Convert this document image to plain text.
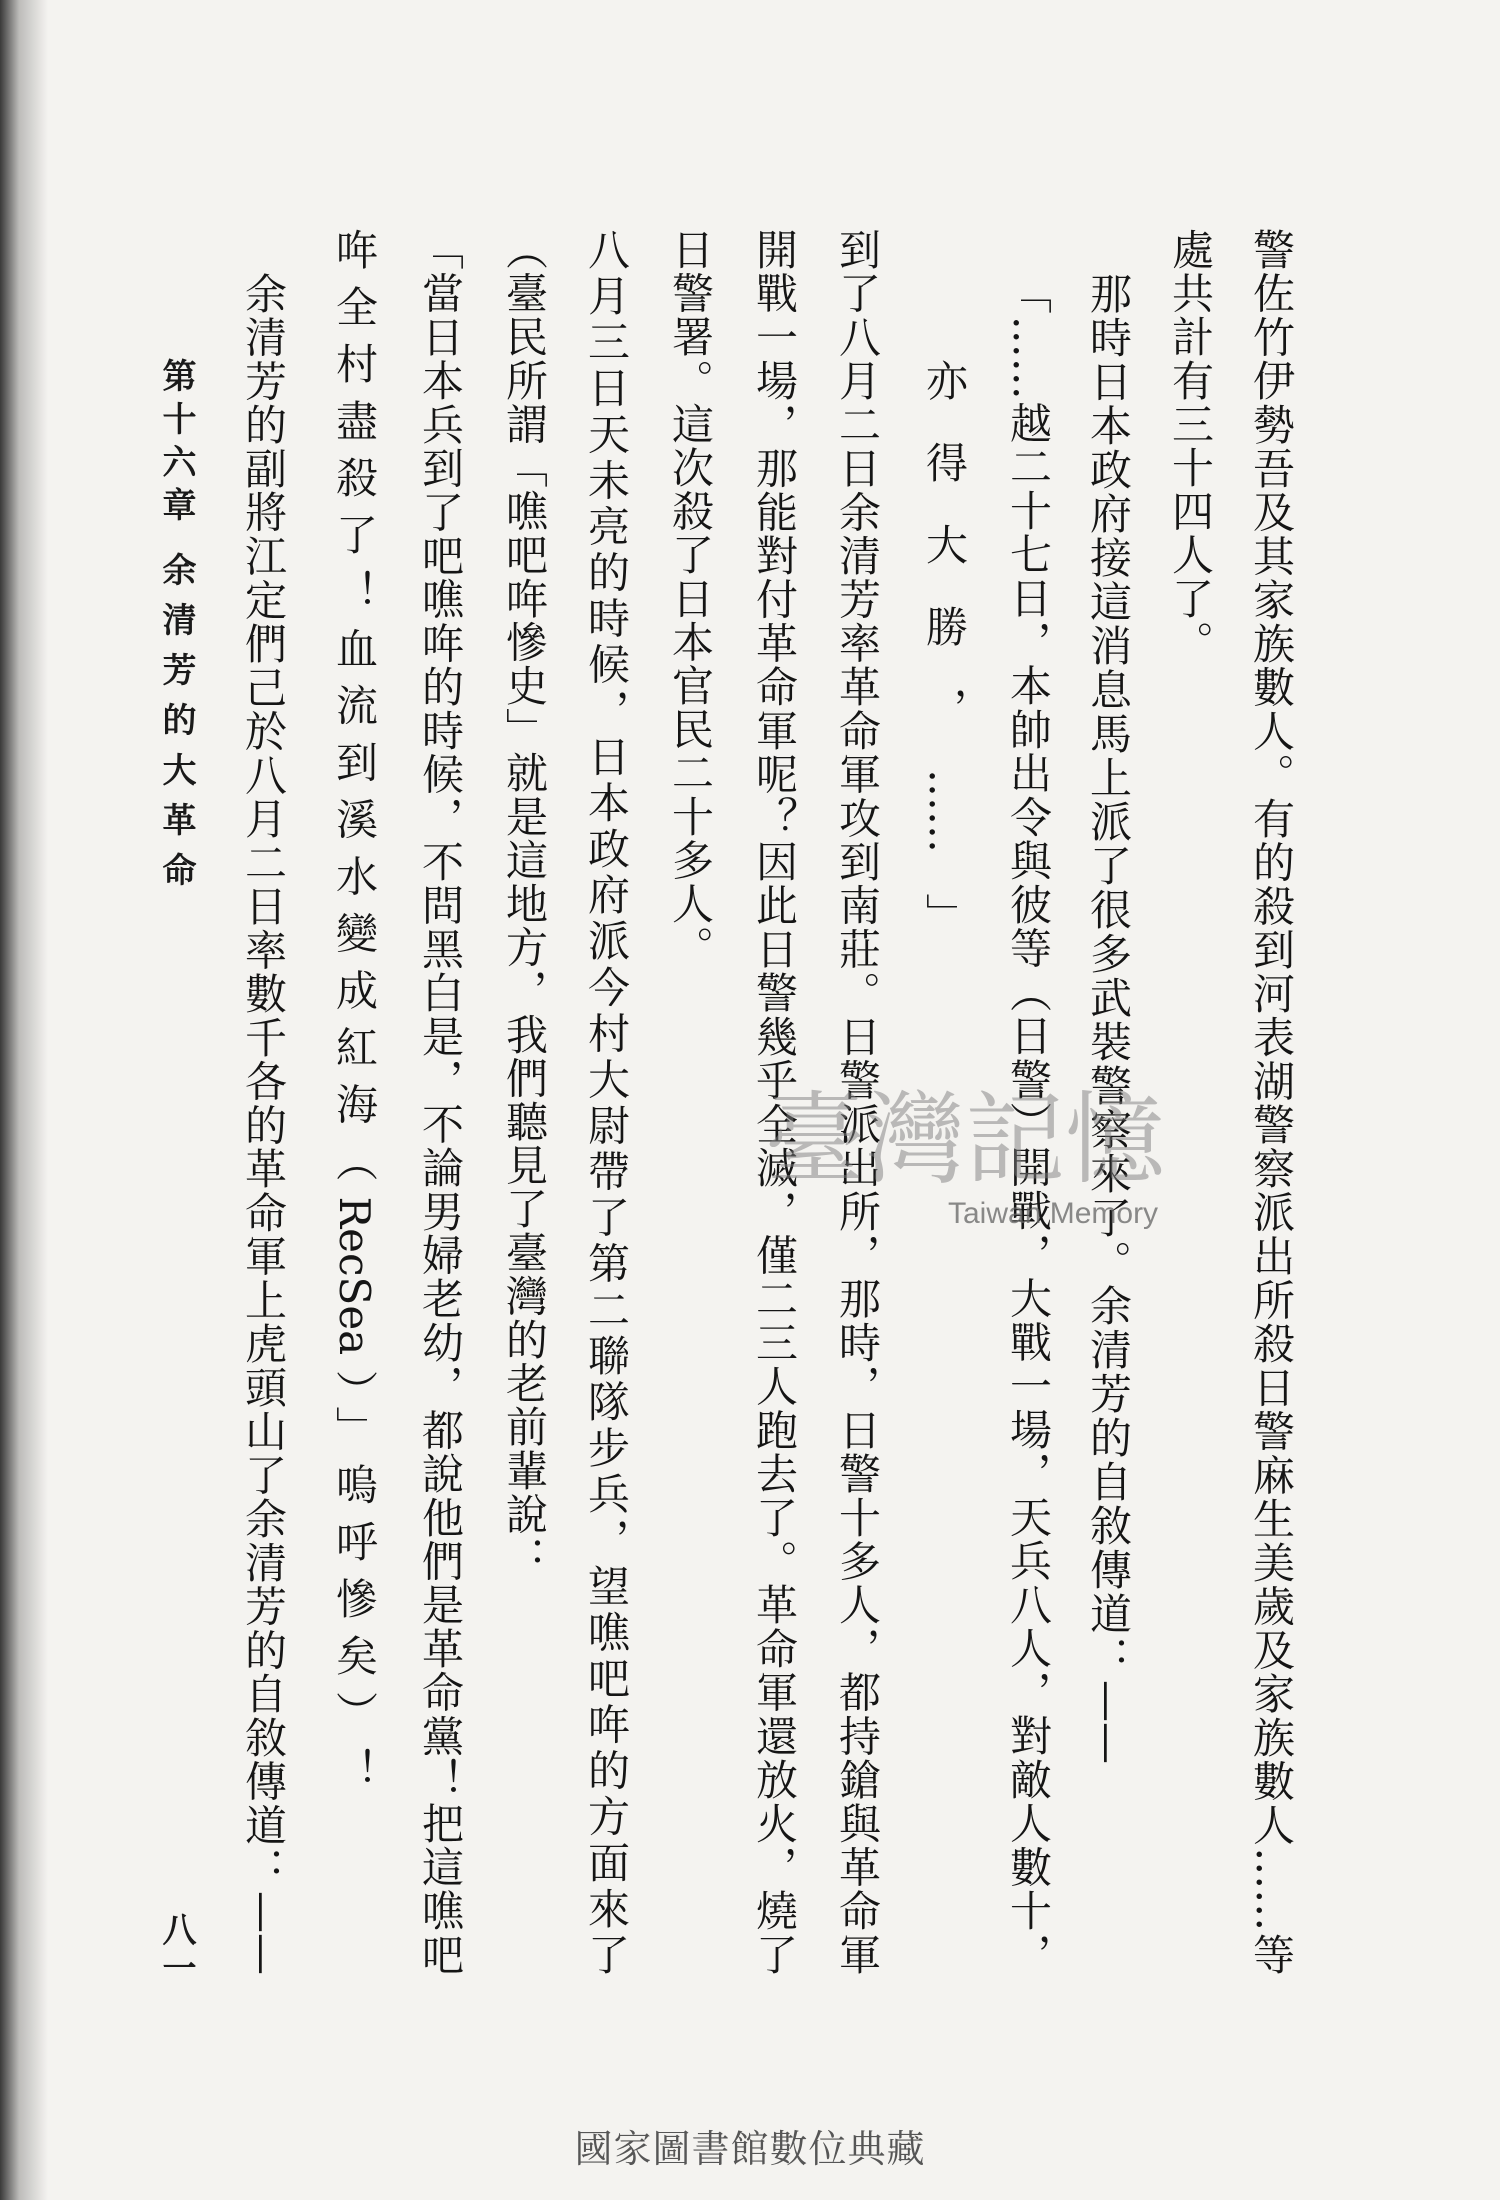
警佐竹伊勢吾及其家族數人。有的殺到河表湖警察派出所殺日警麻生美歲及家族數人……等
處共計有三十四人了。
那時日本政府接這消息馬上派了很多武裝警察來了。余清芳的自敘傳道：——
「……越二十七日，本帥出令與彼等（日警）開戰，大戰一場，天兵八人，對敵人數十，
亦得大勝，……」
到了八月二日余清芳率革命軍攻到南莊。日警派出所，那時，日警十多人，都持鎗與革命軍
開戰一場，那能對付革命軍呢？因此日警幾乎全滅，僅二三人跑去了。革命軍還放火，燒了
日警署。這次殺了日本官民二十多人。
八月三日天未亮的時候，日本政府派今村大尉帶了第二聯隊步兵，望噍吧哖的方面來了
（臺民所謂「噍吧哖慘史」就是這地方，我們聽見了臺灣的老前輩說：
「當日本兵到了吧噍哖的時候，不問黑白是，不論男婦老幼，都說他們是革命黨！把這噍吧
哖全村盡殺了！血流到溪水變成紅海（RecSea）」嗚呼慘矣）！
余清芳的副將江定們己於八月二日率數千各的革命軍上虎頭山了余清芳的自敘傳道：——
第十六章余清芳的大革命
八一
臺灣記憶
Taiwan Memory
國家圖書館數位典藏
